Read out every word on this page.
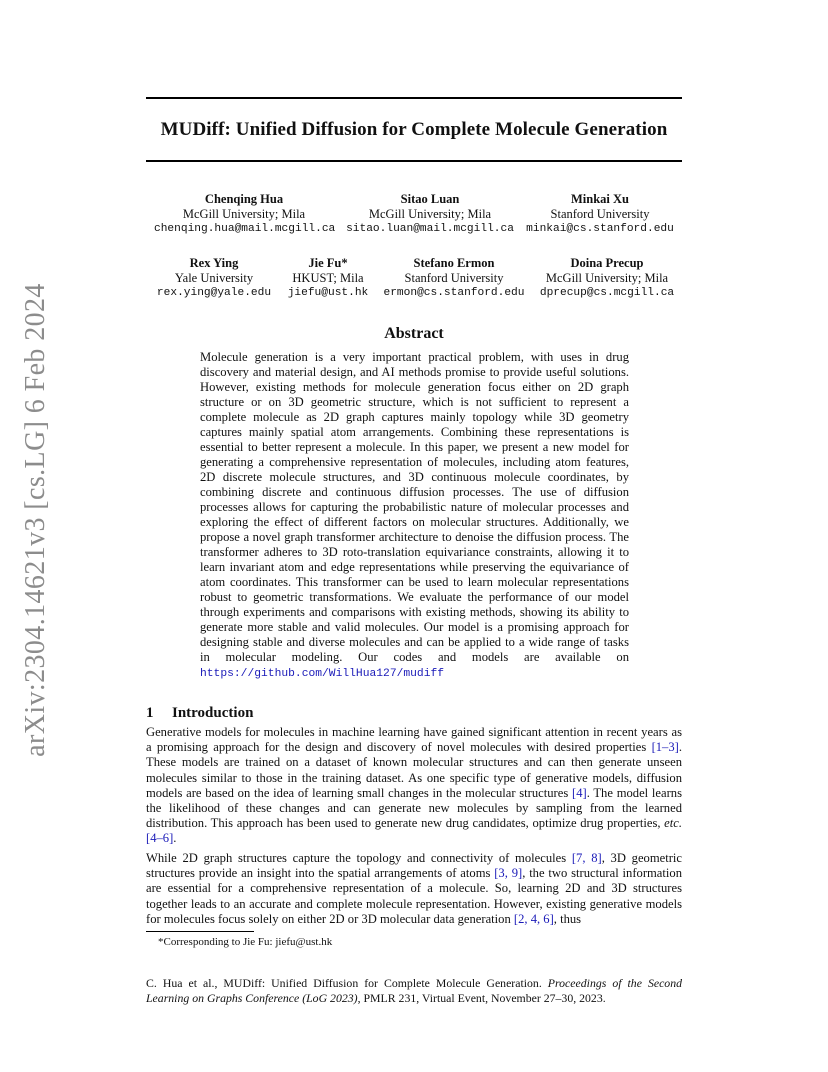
arXiv:2304.14621v3 [cs.LG] 6 Feb 2024
MUDiff: Unified Diffusion for Complete Molecule Generation
Chenqing Hua
McGill University; Mila
chenqing.hua@mail.mcgill.ca
Sitao Luan
McGill University; Mila
sitao.luan@mail.mcgill.ca
Minkai Xu
Stanford University
minkai@cs.stanford.edu
Rex Ying
Yale University
rex.ying@yale.edu
Jie Fu*
HKUST; Mila
jiefu@ust.hk
Stefano Ermon
Stanford University
ermon@cs.stanford.edu
Doina Precup
McGill University; Mila
dprecup@cs.mcgill.ca
Abstract
Molecule generation is a very important practical problem, with uses in drug discovery and material design, and AI methods promise to provide useful solutions. However, existing methods for molecule generation focus either on 2D graph structure or on 3D geometric structure, which is not sufficient to represent a complete molecule as 2D graph captures mainly topology while 3D geometry captures mainly spatial atom arrangements. Combining these representations is essential to better represent a molecule. In this paper, we present a new model for generating a comprehensive representation of molecules, including atom features, 2D discrete molecule structures, and 3D continuous molecule coordinates, by combining discrete and continuous diffusion processes. The use of diffusion processes allows for capturing the probabilistic nature of molecular processes and exploring the effect of different factors on molecular structures. Additionally, we propose a novel graph transformer architecture to denoise the diffusion process. The transformer adheres to 3D roto-translation equivariance constraints, allowing it to learn invariant atom and edge representations while preserving the equivariance of atom coordinates. This transformer can be used to learn molecular representations robust to geometric transformations. We evaluate the performance of our model through experiments and comparisons with existing methods, showing its ability to generate more stable and valid molecules. Our model is a promising approach for designing stable and diverse molecules and can be applied to a wide range of tasks in molecular modeling. Our codes and models are available on https://github.com/WillHua127/mudiff
1 Introduction
Generative models for molecules in machine learning have gained significant attention in recent years as a promising approach for the design and discovery of novel molecules with desired properties [1–3]. These models are trained on a dataset of known molecular structures and can then generate unseen molecules similar to those in the training dataset. As one specific type of generative models, diffusion models are based on the idea of learning small changes in the molecular structures [4]. The model learns the likelihood of these changes and can generate new molecules by sampling from the learned distribution. This approach has been used to generate new drug candidates, optimize drug properties, etc.[4–6].
While 2D graph structures capture the topology and connectivity of molecules [7, 8], 3D geometric structures provide an insight into the spatial arrangements of atoms [3, 9], the two structural information are essential for a comprehensive representation of a molecule. So, learning 2D and 3D structures together leads to an accurate and complete molecule representation. However, existing generative models for molecules focus solely on either 2D or 3D molecular data generation [2, 4, 6], thus
*Corresponding to Jie Fu: jiefu@ust.hk
C. Hua et al., MUDiff: Unified Diffusion for Complete Molecule Generation. Proceedings of the Second Learning on Graphs Conference (LoG 2023), PMLR 231, Virtual Event, November 27–30, 2023.
